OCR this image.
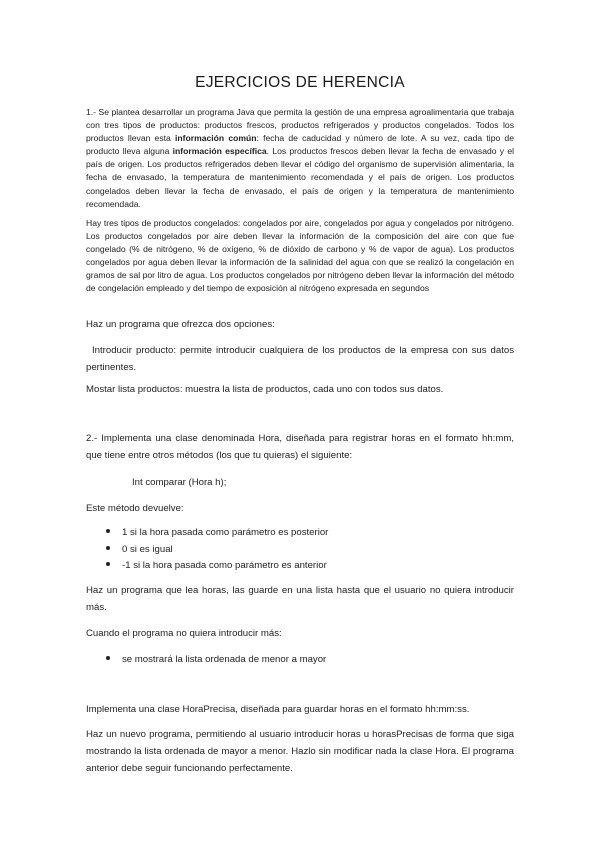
EJERCICIOS DE HERENCIA

1.- Se plantea desarrollar un programa Java que permita la gestión de una empresa agroalimentaria que trabaja con tres tipos de productos: productos frescos, productos refrigerados y productos congelados. Todos los productos llevan esta información común: fecha de caducidad y número de lote. A su vez, cada tipo de producto lleva alguna información específica. Los productos frescos deben llevar la fecha de envasado y el país de origen. Los productos refrigerados deben llevar el código del organismo de supervisión alimentaria, la fecha de envasado, la temperatura de mantenimiento recomendada y el país de origen. Los productos congelados deben llevar la fecha de envasado, el país de origen y la temperatura de mantenimiento recomendada.

Hay tres tipos de productos congelados: congelados por aire, congelados por agua y congelados por nitrógeno. Los productos congelados por aire deben llevar la información de la composición del aire con que fue congelado (% de nitrógeno, % de oxígeno, % de dióxido de carbono y % de vapor de agua). Los productos congelados por agua deben llevar la información de la salinidad del agua con que se realizó la congelación en gramos de sal por litro de agua. Los productos congelados por nitrógeno deben llevar la información del método de congelación empleado y del tiempo de exposición al nitrógeno expresada en segundos

Haz un programa que ofrezca dos opciones:

Introducir producto: permite introducir cualquiera de los productos de la empresa con sus datos pertinentes.

Mostar lista productos: muestra la lista de productos, cada uno con todos sus datos.

2.- Implementa una clase denominada Hora, diseñada para registrar horas en el formato hh:mm, que tiene entre otros métodos (los que tu quieras) el siguiente:

Int comparar (Hora h);

Este método devuelve:

1 si la hora pasada como parámetro es posterior
0 si es igual
-1 si la hora pasada como parámetro es anterior

Haz un programa que lea horas, las guarde en una lista hasta que el usuario no quiera introducir más.

Cuando el programa no quiera introducir más:

se mostrará la lista ordenada de menor a mayor

Implementa una clase HoraPrecisa, diseñada para guardar horas en el formato hh:mm:ss.

Haz un nuevo programa, permitiendo al usuario introducir horas u horasPrecisas de forma que siga mostrando la lista ordenada de mayor a menor. Hazlo sin modificar nada la clase Hora. El programa anterior debe seguir funcionando perfectamente.
